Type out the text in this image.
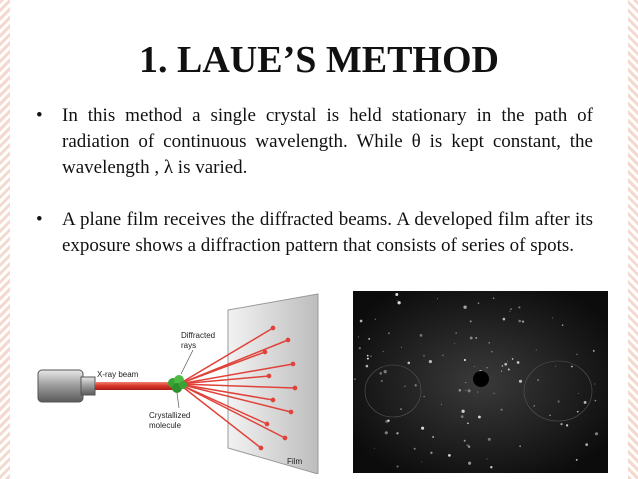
1. LAUE’S METHOD
• In this method a single crystal is held stationary in the path of radiation of continuous wavelength. While θ is kept constant, the wavelength , λ is varied.
• A plane film receives the diffracted beams. A developed film after its exposure shows a diffraction pattern that consists of series of spots.
X-ray beam
Diffracted
rays
Crystallized
molecule
Film
